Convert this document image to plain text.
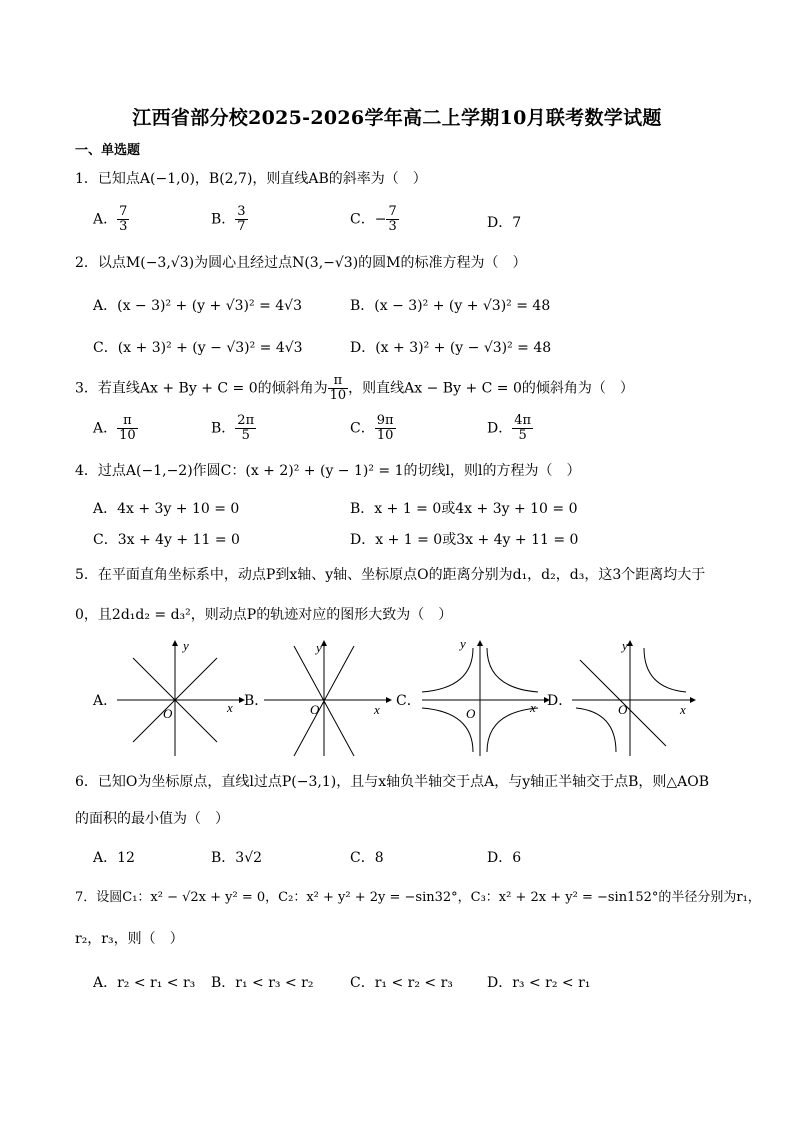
江西省部分校2025-2026学年高二上学期10月联考数学试题
一、单选题
1．已知点A(−1,0)，B(2,7)，则直线AB的斜率为（　）
A． $\frac{7}{3}$	B． $\frac{3}{7}$	C．− $\frac{7}{3}$	D．7
2．以点M(−3,√3)为圆心且经过点N(3,−√3)的圆M的标准方程为（　）
A．(x − 3)² + (y + √3)² = 4√3	B．(x − 3)² + (y + √3)² = 48
C．(x + 3)² + (y − √3)² = 4√3	D．(x + 3)² + (y − √3)² = 48
3．若直线Ax + By + C = 0的倾斜角为 $\frac{\pi}{10}$ ，则直线Ax − By + C = 0的倾斜角为（　）
A． $\frac{\pi}{10}$	B． $\frac{2\pi}{5}$	C． $\frac{9\pi}{10}$	D． $\frac{4\pi}{5}$
4．过点A(−1,−2)作圆C：(x + 2)² + (y − 1)² = 1的切线l，则l的方程为（　）
A．4x + 3y + 10 = 0	B．x + 1 = 0或4x + 3y + 10 = 0
C．3x + 4y + 11 = 0	D．x + 1 = 0或3x + 4y + 11 = 0
5．在平面直角坐标系中，动点P到x轴、y轴、坐标原点O的距离分别为d₁，d₂，d₃，这3个距离均大于
0，且2d₁d₂ = d₃²，则动点P的轨迹对应的图形大致为（　）
A．
y
x
O
B．
y
x
O
C．
y
x
O
D．
y
x
O
6．已知O为坐标原点，直线l过点P(−3,1)，且与x轴负半轴交于点A，与y轴正半轴交于点B，则△AOB
的面积的最小值为（　）
A．12	B．3√2	C．8	D．6
7．设圆C₁：x² − √2x + y² = 0，C₂：x² + y² + 2y = −sin32°，C₃：x² + 2x + y² = −sin152°的半径分别为r₁，
r₂，r₃，则（　）
A．r₂ < r₁ < r₃ B．r₁ < r₃ < r₂	C．r₁ < r₂ < r₃ D．r₃ < r₂ < r₁
